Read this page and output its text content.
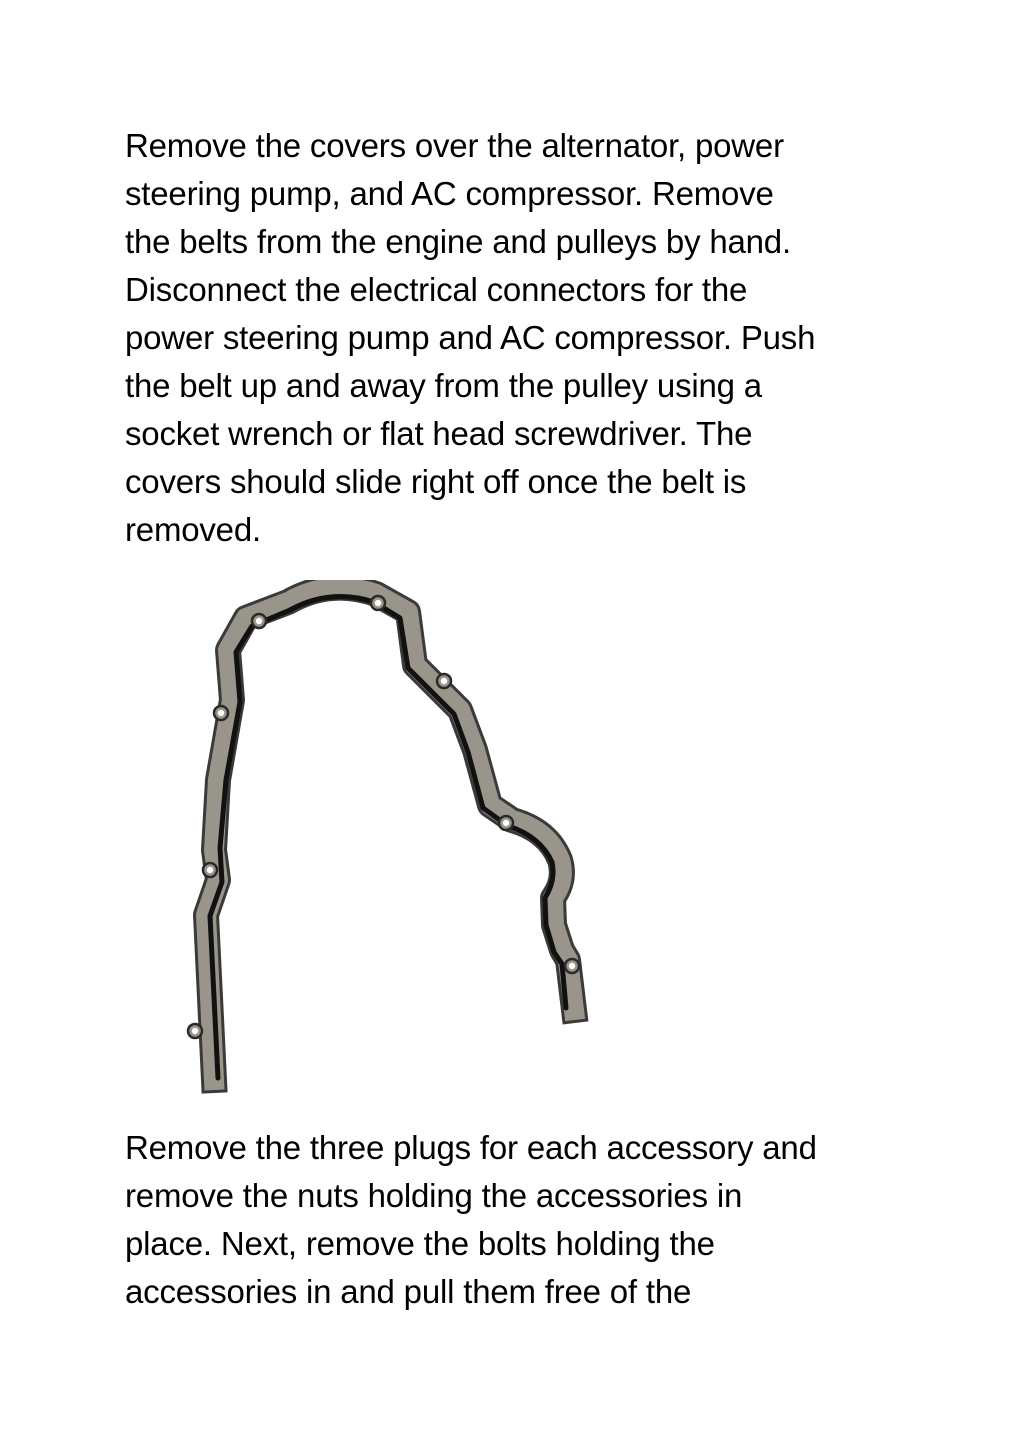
Remove the covers over the alternator, power
steering pump, and AC compressor. Remove
the belts from the engine and pulleys by hand.
Disconnect the electrical connectors for the
power steering pump and AC compressor. Push
the belt up and away from the pulley using a
socket wrench or flat head screwdriver. The
covers should slide right off once the belt is
removed.

Remove the three plugs for each accessory and
remove the nuts holding the accessories in
place. Next, remove the bolts holding the
accessories in and pull them free of the
